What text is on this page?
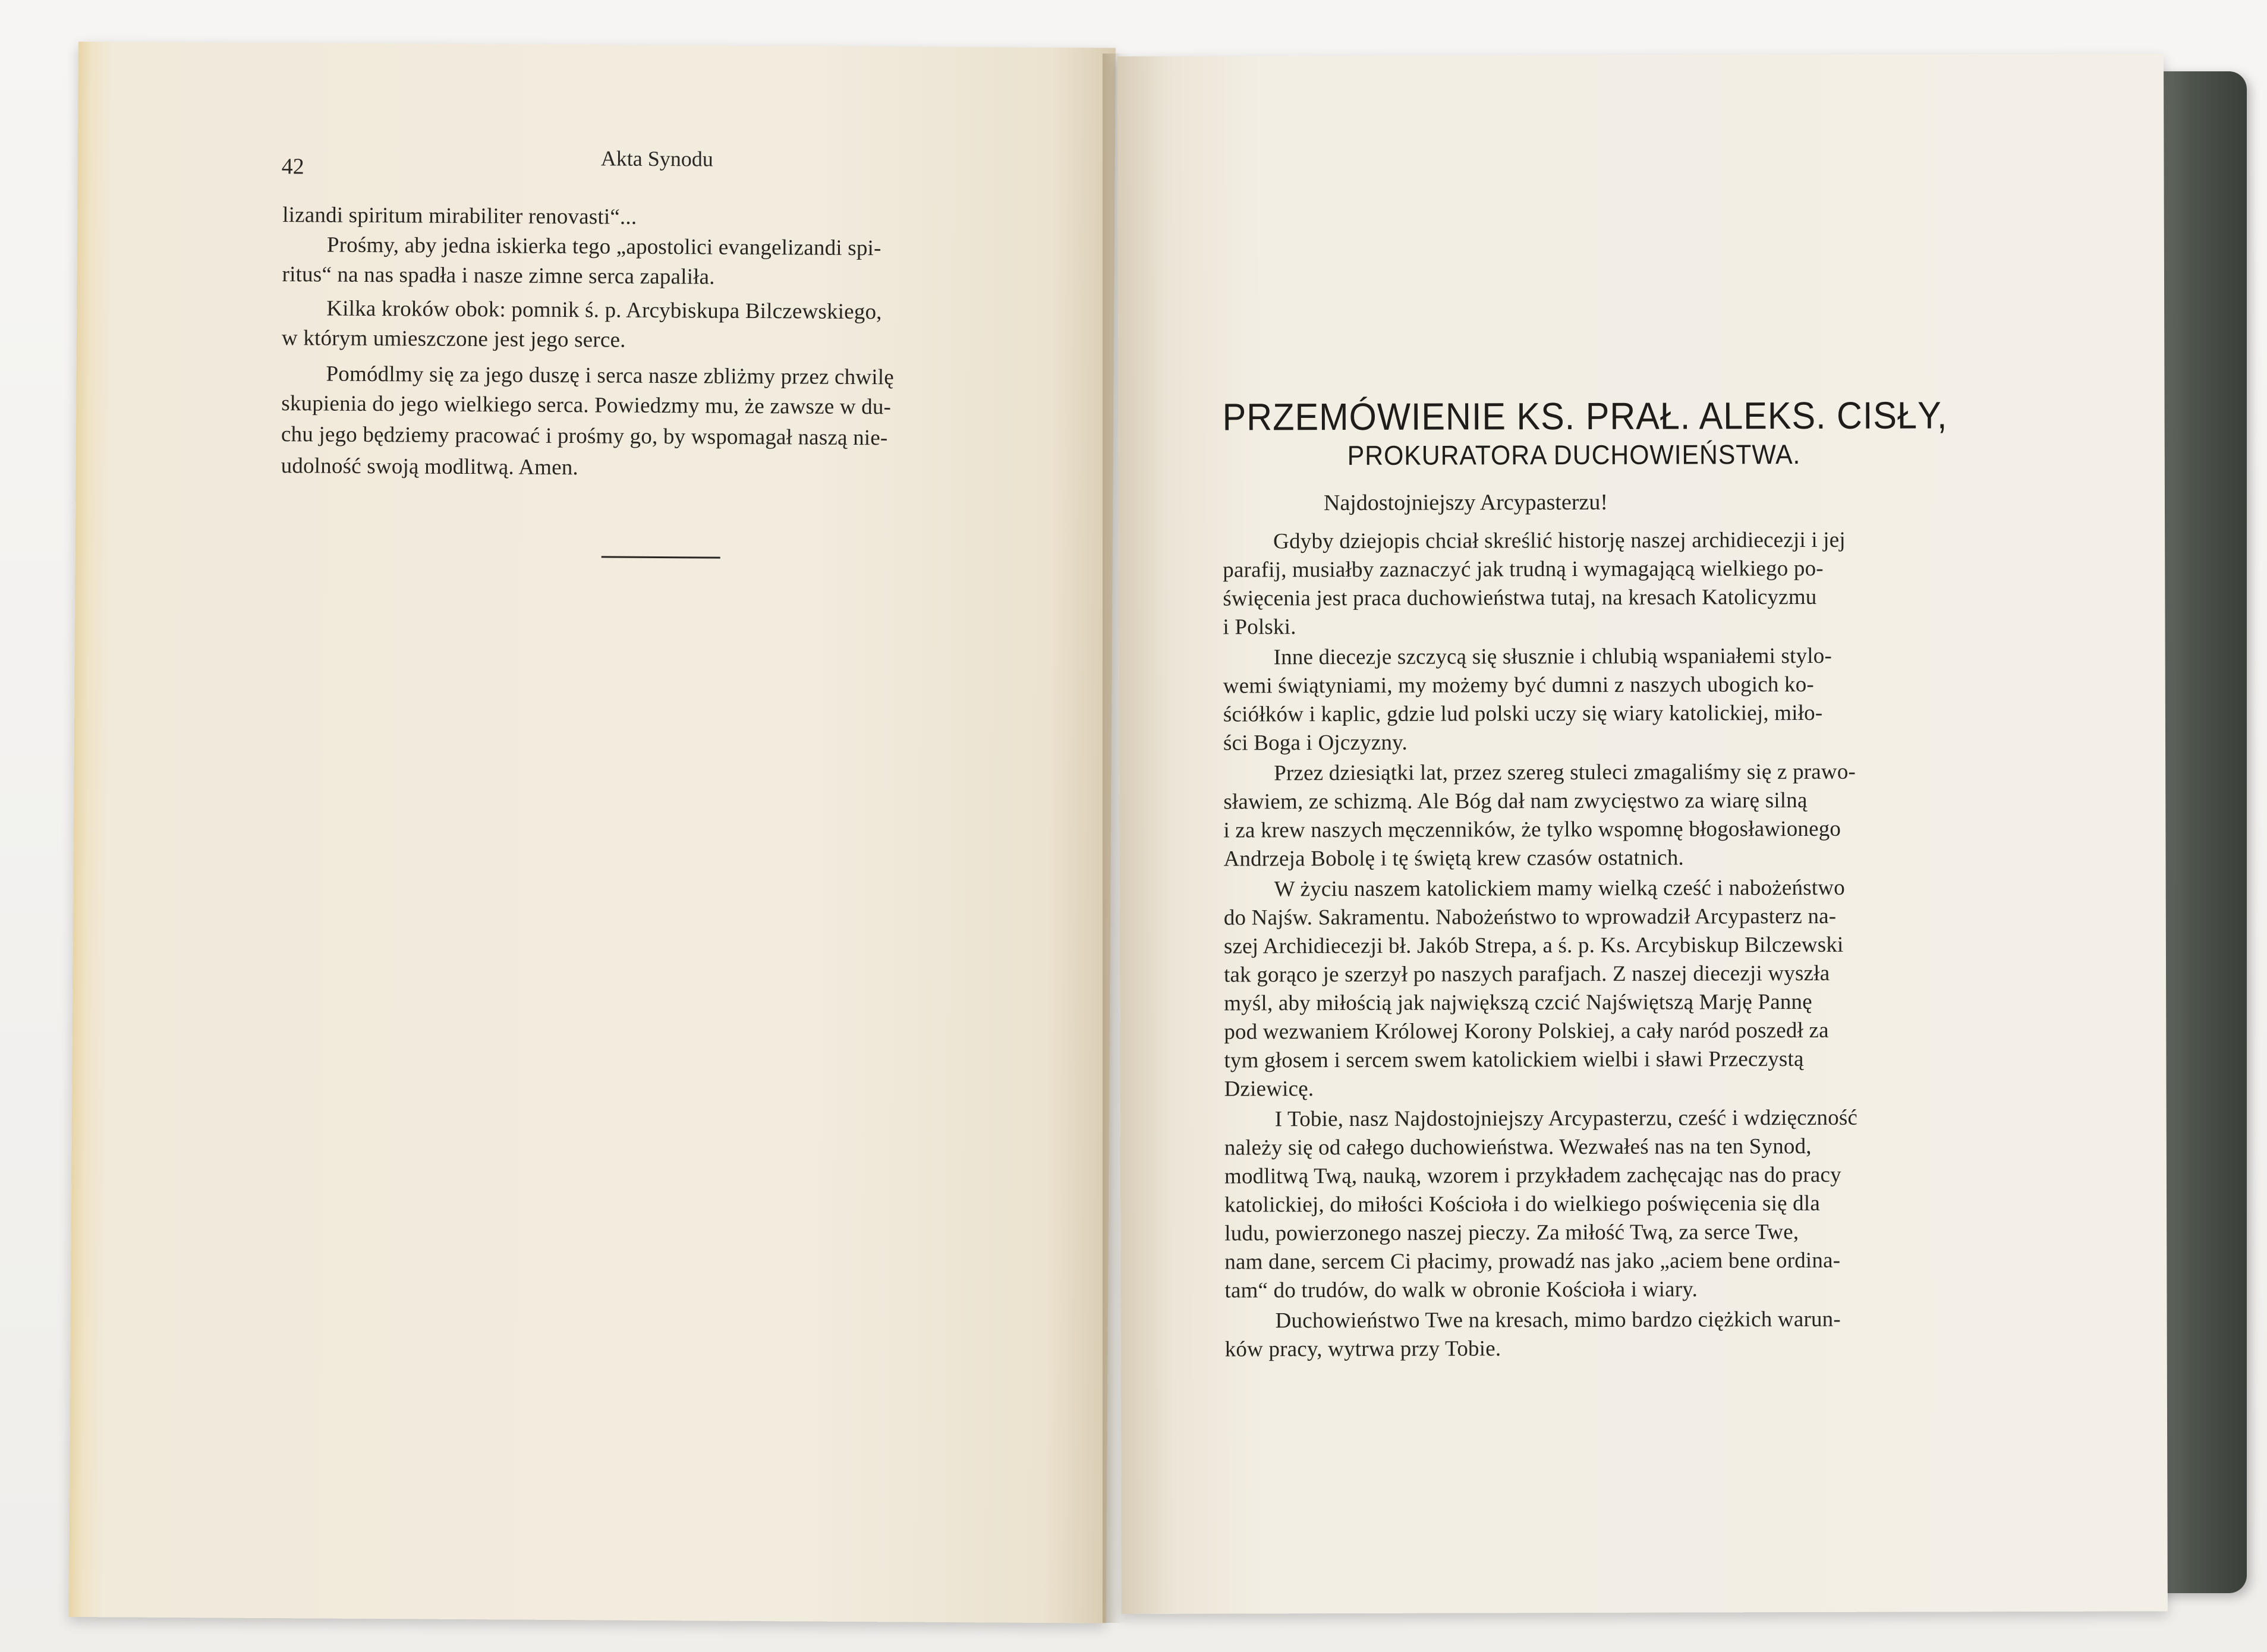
42	Akta Synodu
lizandi spiritum mirabiliter renovasti“...
Prośmy, aby jedna iskierka tego „apostolici evangelizandi spi-
ritus“ na nas spadła i nasze zimne serca zapaliła.
Kilka kroków obok: pomnik ś. p. Arcybiskupa Bilczewskiego,
w którym umieszczone jest jego serce.
Pomódlmy się za jego duszę i serca nasze zbliżmy przez chwilę
skupienia do jego wielkiego serca. Powiedzmy mu, że zawsze w du-
chu jego będziemy pracować i prośmy go, by wspomagał naszą nie-
udolność swoją modlitwą. Amen.
PRZEMÓWIENIE KS. PRAŁ. ALEKS. CISŁY,
PROKURATORA DUCHOWIEŃSTWA.
Najdostojniejszy Arcypasterzu!
Gdyby dziejopis chciał skreślić historję naszej archidiecezji i jej
parafij, musiałby zaznaczyć jak trudną i wymagającą wielkiego po-
święcenia jest praca duchowieństwa tutaj, na kresach Katolicyzmu
i Polski.
Inne diecezje szczycą się słusznie i chlubią wspaniałemi stylo-
wemi świątyniami, my możemy być dumni z naszych ubogich ko-
ściółków i kaplic, gdzie lud polski uczy się wiary katolickiej, miło-
ści Boga i Ojczyzny.
Przez dziesiątki lat, przez szereg stuleci zmagaliśmy się z prawo-
sławiem, ze schizmą. Ale Bóg dał nam zwycięstwo za wiarę silną
i za krew naszych męczenników, że tylko wspomnę błogosławionego
Andrzeja Bobolę i tę świętą krew czasów ostatnich.
W życiu naszem katolickiem mamy wielką cześć i nabożeństwo
do Najśw. Sakramentu. Nabożeństwo to wprowadził Arcypasterz na-
szej Archidiecezji bł. Jakób Strepa, a ś. p. Ks. Arcybiskup Bilczewski
tak gorąco je szerzył po naszych parafjach. Z naszej diecezji wyszła
myśl, aby miłością jak największą czcić Najświętszą Marję Pannę
pod wezwaniem Królowej Korony Polskiej, a cały naród poszedł za
tym głosem i sercem swem katolickiem wielbi i sławi Przeczystą
Dziewicę.
I Tobie, nasz Najdostojniejszy Arcypasterzu, cześć i wdzięczność
należy się od całego duchowieństwa. Wezwałeś nas na ten Synod,
modlitwą Twą, nauką, wzorem i przykładem zachęcając nas do pracy
katolickiej, do miłości Kościoła i do wielkiego poświęcenia się dla
ludu, powierzonego naszej pieczy. Za miłość Twą, za serce Twe,
nam dane, sercem Ci płacimy, prowadź nas jako „aciem bene ordina-
tam“ do trudów, do walk w obronie Kościoła i wiary.
Duchowieństwo Twe na kresach, mimo bardzo ciężkich warun-
ków pracy, wytrwa przy Tobie.
